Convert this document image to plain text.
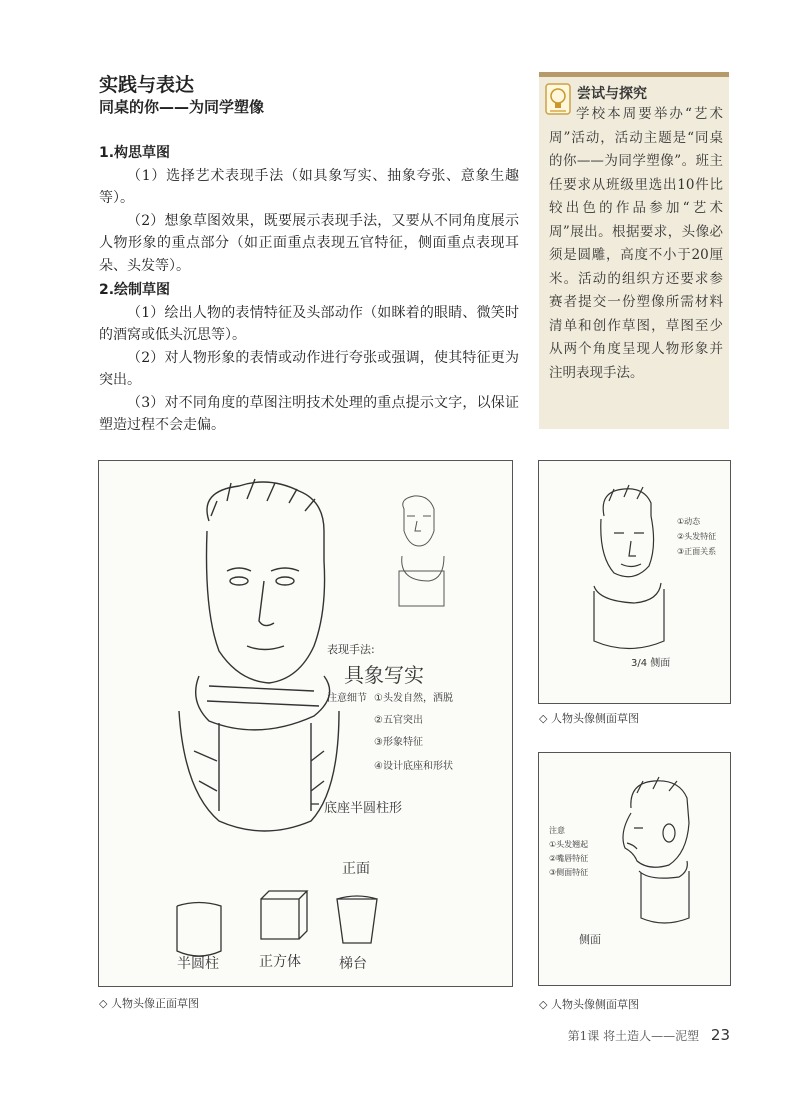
实践与表达
同桌的你——为同学塑像
1.构思草图

（1）选择艺术表现手法（如具象写实、抽象夸张、意象生趣等）。

（2）想象草图效果，既要展示表现手法，又要从不同角度展示人物形象的重点部分（如正面重点表现五官特征，侧面重点表现耳朵、头发等）。

2.绘制草图

（1）绘出人物的表情特征及头部动作（如眯着的眼睛、微笑时的酒窝或低头沉思等）。

（2）对人物形象的表情或动作进行夸张或强调，使其特征更为突出。

（3）对不同角度的草图注明技术处理的重点提示文字，以保证塑造过程不会走偏。

尝试与探究
学校本周要举办“艺术周”活动，活动主题是“同桌的你——为同学塑像”。班主任要求从班级里选出10件比较出色的作品参加“艺术周”展出。根据要求，头像必须是圆雕，高度不小于20厘米。活动的组织方还要求参赛者提交一份塑像所需材料清单和创作草图，草图至少从两个角度呈现人物形象并注明表现手法。
表现手法:
具象写实
注意细节 ①头发自然，洒脱
②五官突出
③形象特征
④设计底座和形状
底座半圆柱形
正面
半圆柱	正方体	梯台
◇ 人物头像正面草图
①动态
②头发特征
③正面关系
3/4 侧面
◇ 人物头像侧面草图
注意
①头发翘起
②嘴唇特征
③侧面特征
侧面
◇ 人物头像侧面草图
第1课 将土造人——泥塑 23
